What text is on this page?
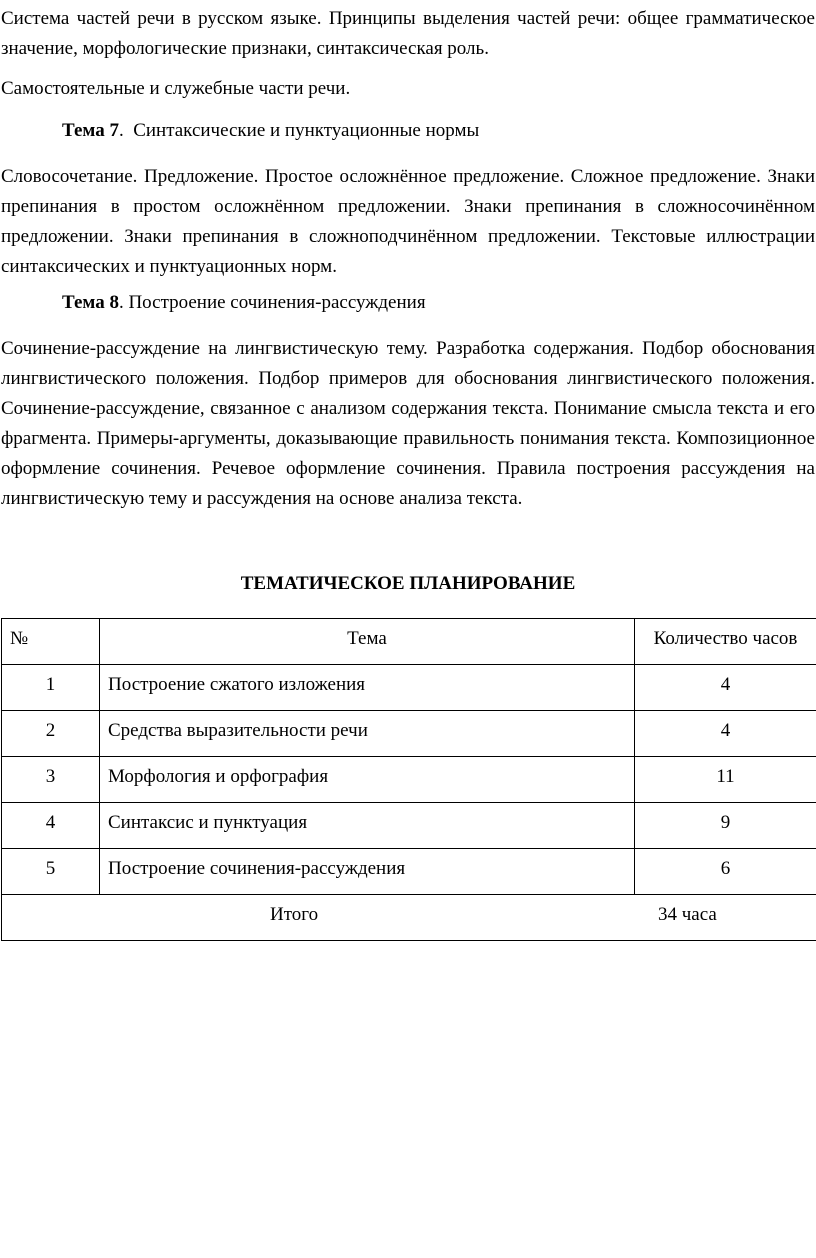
Система частей речи в русском языке. Принципы выделения частей речи: общее грамматическое значение, морфологические признаки, синтаксическая роль.

Самостоятельные и служебные части речи.

Тема 7.  Синтаксические и пунктуационные нормы

Словосочетание. Предложение. Простое осложнённое предложение. Сложное предложение. Знаки препинания в простом осложнённом предложении. Знаки препинания в сложносочинённом предложении. Знаки препинания в сложноподчинённом предложении. Текстовые иллюстрации синтаксических и пунктуационных норм.

Тема 8. Построение сочинения-рассуждения

Сочинение-рассуждение на лингвистическую тему. Разработка содержания. Подбор обоснования лингвистического положения. Подбор примеров для обоснования лингвистического положения. Сочинение-рассуждение, связанное с анализом содержания текста. Понимание смысла текста и его фрагмента. Примеры-аргументы, доказывающие правильность понимания текста. Композиционное оформление сочинения. Речевое оформление сочинения. Правила построения рассуждения на лингвистическую тему и рассуждения на основе анализа текста.

ТЕМАТИЧЕСКОЕ ПЛАНИРОВАНИЕ

№	Тема	Количество часов
1	Построение сжатого изложения	4
2	Средства выразительности речи	4
3	Морфология и орфография	11
4	Синтаксис и пунктуация	9
5	Построение сочинения-рассуждения	6

Итого 34 часа		
